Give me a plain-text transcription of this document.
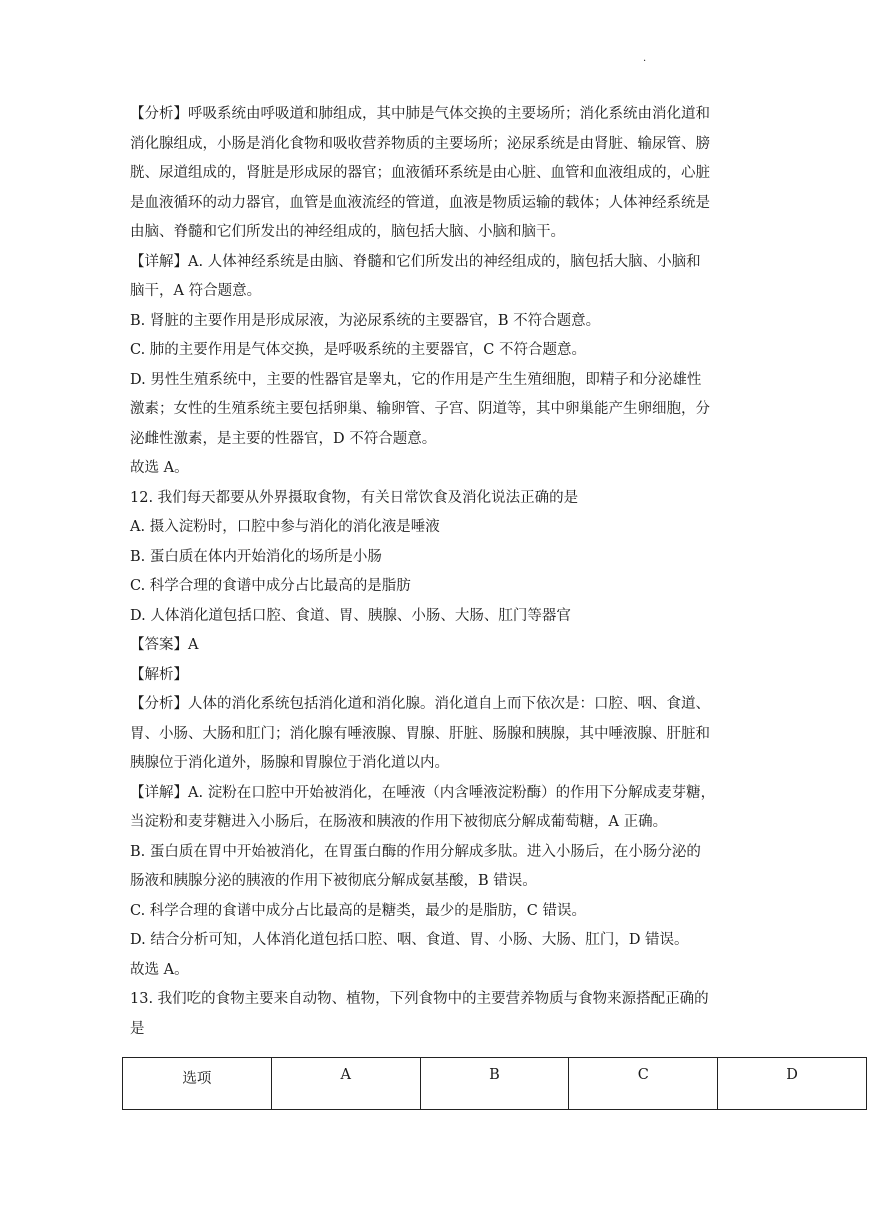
.
【分析】呼吸系统由呼吸道和肺组成，其中肺是气体交换的主要场所；消化系统由消化道和
消化腺组成，小肠是消化食物和吸收营养物质的主要场所；泌尿系统是由肾脏、输尿管、膀
胱、尿道组成的，肾脏是形成尿的器官；血液循环系统是由心脏、血管和血液组成的，心脏
是血液循环的动力器官，血管是血液流经的管道，血液是物质运输的载体；人体神经系统是
由脑、脊髓和它们所发出的神经组成的，脑包括大脑、小脑和脑干。
【详解】A. 人体神经系统是由脑、脊髓和它们所发出的神经组成的，脑包括大脑、小脑和
脑干，A 符合题意。
B. 肾脏的主要作用是形成尿液，为泌尿系统的主要器官，B 不符合题意。
C. 肺的主要作用是气体交换，是呼吸系统的主要器官，C 不符合题意。
D. 男性生殖系统中，主要的性器官是睾丸，它的作用是产生生殖细胞，即精子和分泌雄性
激素；女性的生殖系统主要包括卵巢、输卵管、子宫、阴道等，其中卵巢能产生卵细胞，分
泌雌性激素，是主要的性器官，D 不符合题意。
故选 A。
12. 我们每天都要从外界摄取食物，有关日常饮食及消化说法正确的是
A. 摄入淀粉时，口腔中参与消化的消化液是唾液
B. 蛋白质在体内开始消化的场所是小肠
C. 科学合理的食谱中成分占比最高的是脂肪
D. 人体消化道包括口腔、食道、胃、胰腺、小肠、大肠、肛门等器官
【答案】A
【解析】
【分析】人体的消化系统包括消化道和消化腺。消化道自上而下依次是：口腔、咽、食道、
胃、小肠、大肠和肛门；消化腺有唾液腺、胃腺、肝脏、肠腺和胰腺，其中唾液腺、肝脏和
胰腺位于消化道外，肠腺和胃腺位于消化道以内。
【详解】A. 淀粉在口腔中开始被消化，在唾液（内含唾液淀粉酶）的作用下分解成麦芽糖，
当淀粉和麦芽糖进入小肠后，在肠液和胰液的作用下被彻底分解成葡萄糖，A 正确。
B. 蛋白质在胃中开始被消化，在胃蛋白酶的作用分解成多肽。进入小肠后，在小肠分泌的
肠液和胰腺分泌的胰液的作用下被彻底分解成氨基酸，B 错误。
C. 科学合理的食谱中成分占比最高的是糖类，最少的是脂肪，C 错误。
D. 结合分析可知，人体消化道包括口腔、咽、食道、胃、小肠、大肠、肛门，D 错误。
故选 A。
13. 我们吃的食物主要来自动物、植物，下列食物中的主要营养物质与食物来源搭配正确的
是
选项	A	B	C	D
